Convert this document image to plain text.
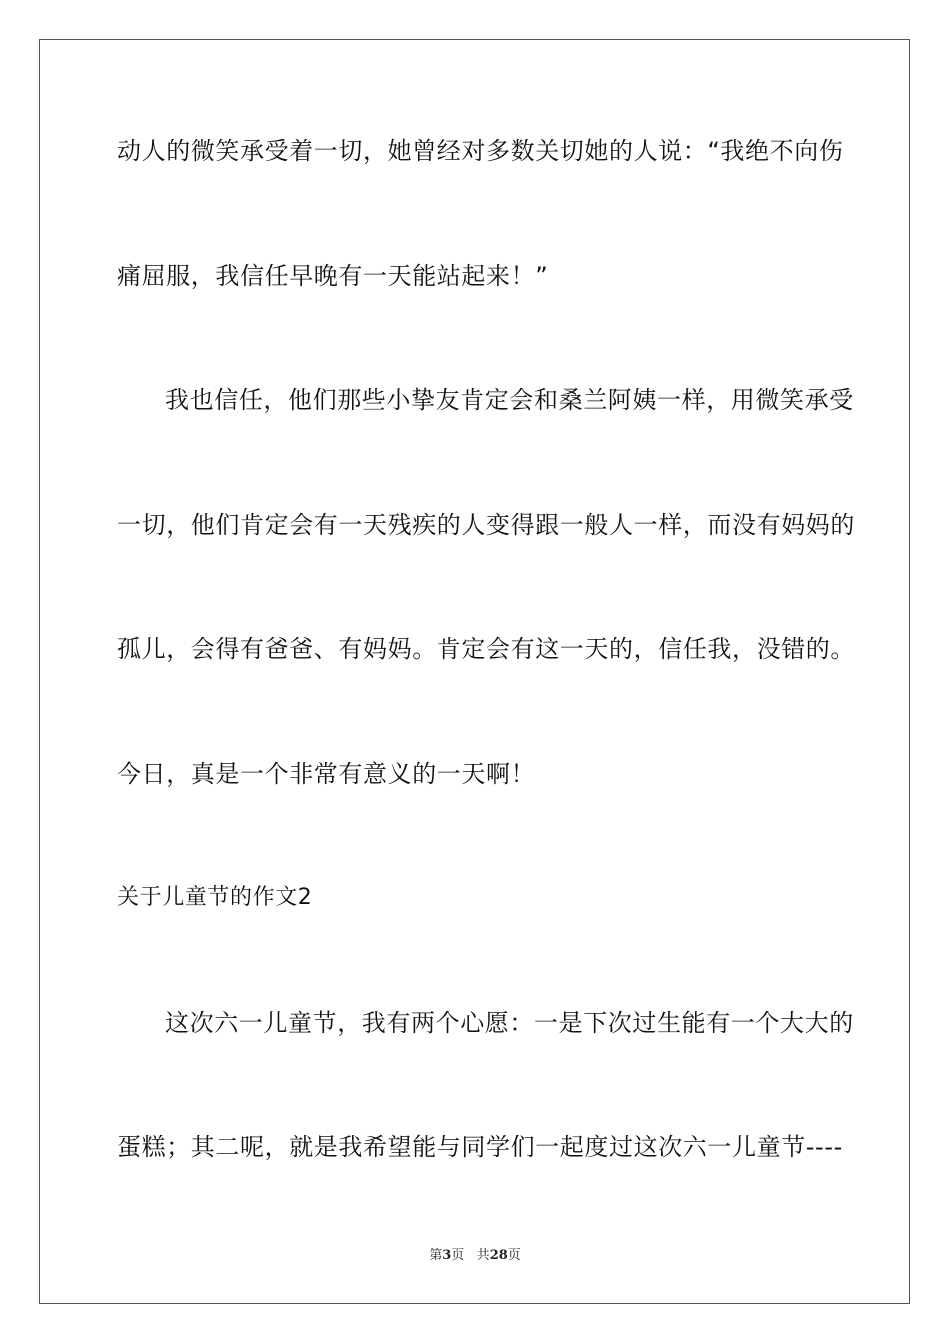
动人的微笑承受着一切，她曾经对多数关切她的人说：“我绝不向伤
痛屈服，我信任早晚有一天能站起来！”
我也信任，他们那些小挚友肯定会和桑兰阿姨一样，用微笑承受
一切，他们肯定会有一天残疾的人变得跟一般人一样，而没有妈妈的
孤儿，会得有爸爸、有妈妈。肯定会有这一天的，信任我，没错的。
今日，真是一个非常有意义的一天啊！
关于儿童节的作文2
这次六一儿童节，我有两个心愿：一是下次过生能有一个大大的
蛋糕；其二呢，就是我希望能与同学们一起度过这次六一儿童节----
第3页 共28页
